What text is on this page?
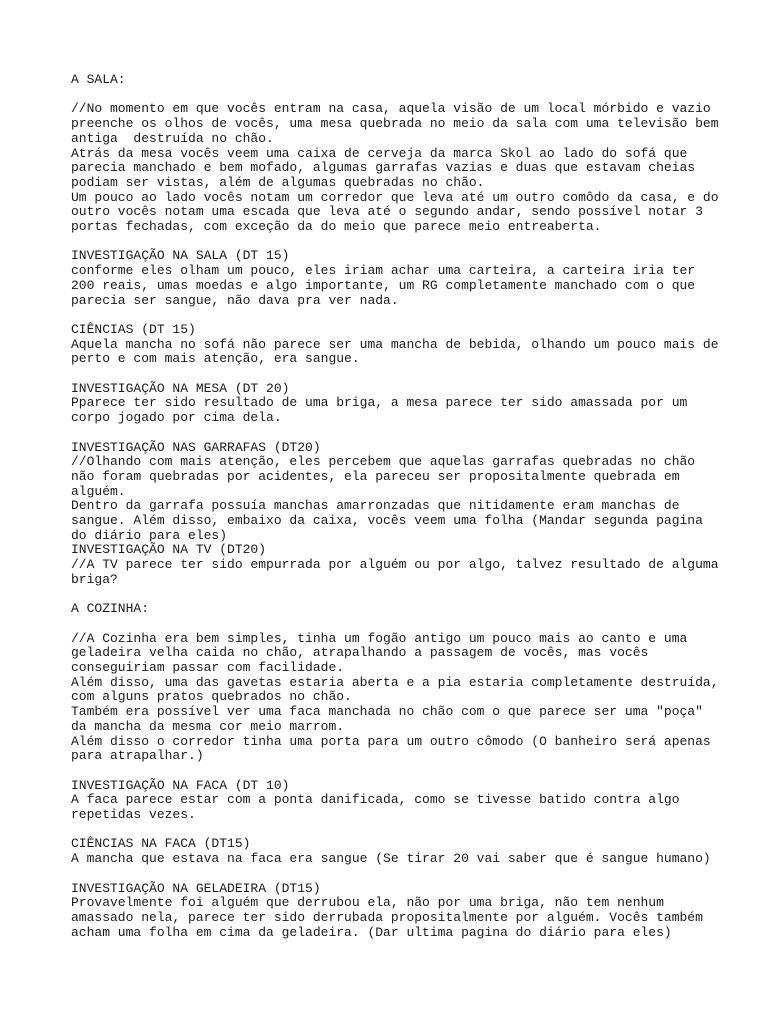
A SALA:
//No momento em que vocês entram na casa, aquela visão de um local mórbido e vazio
preenche os olhos de vocês, uma mesa quebrada no meio da sala com uma televisão bem
antiga  destruída no chão.
Atrás da mesa vocês veem uma caixa de cerveja da marca Skol ao lado do sofá que
parecia manchado e bem mofado, algumas garrafas vazias e duas que estavam cheias
podiam ser vistas, além de algumas quebradas no chão.
Um pouco ao lado vocês notam um corredor que leva até um outro comôdo da casa, e do
outro vocês notam uma escada que leva até o segundo andar, sendo possível notar 3
portas fechadas, com exceção da do meio que parece meio entreaberta.
INVESTIGAÇÃO NA SALA (DT 15)
conforme eles olham um pouco, eles iriam achar uma carteira, a carteira iria ter
200 reais, umas moedas e algo importante, um RG completamente manchado com o que
parecia ser sangue, não dava pra ver nada.
CIÊNCIAS (DT 15)
Aquela mancha no sofá não parece ser uma mancha de bebida, olhando um pouco mais de
perto e com mais atenção, era sangue.
INVESTIGAÇÃO NA MESA (DT 20)
Pparece ter sido resultado de uma briga, a mesa parece ter sido amassada por um
corpo jogado por cima dela.
INVESTIGAÇÃO NAS GARRAFAS (DT20)
//Olhando com mais atenção, eles percebem que aquelas garrafas quebradas no chão
não foram quebradas por acidentes, ela pareceu ser propositalmente quebrada em
alguém.
Dentro da garrafa possuía manchas amarronzadas que nitidamente eram manchas de
sangue. Além disso, embaixo da caixa, vocês veem uma folha (Mandar segunda pagina
do diário para eles)
INVESTIGAÇÃO NA TV (DT20)
//A TV parece ter sido empurrada por alguém ou por algo, talvez resultado de alguma
briga?
A COZINHA:
//A Cozinha era bem simples, tinha um fogão antigo um pouco mais ao canto e uma
geladeira velha caida no chão, atrapalhando a passagem de vocês, mas vocês
conseguiriam passar com facilidade.
Além disso, uma das gavetas estaria aberta e a pia estaria completamente destruída,
com alguns pratos quebrados no chão.
Também era possível ver uma faca manchada no chão com o que parece ser uma "poça"
da mancha da mesma cor meio marrom.
Além disso o corredor tinha uma porta para um outro cômodo (O banheiro será apenas
para atrapalhar.)
INVESTIGAÇÃO NA FACA (DT 10)
A faca parece estar com a ponta danificada, como se tivesse batido contra algo
repetidas vezes.
CIÊNCIAS NA FACA (DT15)
A mancha que estava na faca era sangue (Se tirar 20 vai saber que é sangue humano)
INVESTIGAÇÃO NA GELADEIRA (DT15)
Provavelmente foi alguém que derrubou ela, não por uma briga, não tem nenhum
amassado nela, parece ter sido derrubada propositalmente por alguém. Vocês também
acham uma folha em cima da geladeira. (Dar ultima pagina do diário para eles)
